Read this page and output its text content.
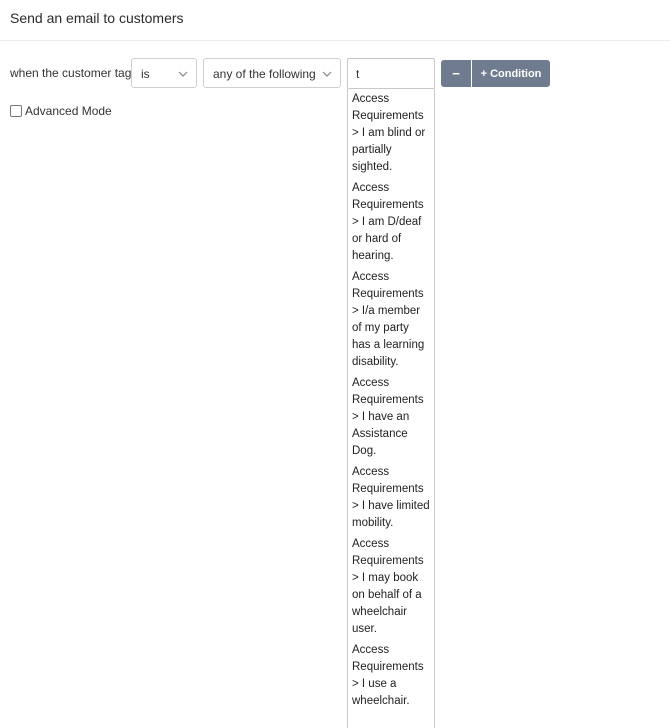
Send an email to customers
when the customer tag is	any of the following
t	−	+ Condition
Advanced Mode
Access Requirements > I am blind or partially sighted.
Access Requirements > I am D/deaf or hard of hearing.
Access Requirements > I/a member of my party has a learning disability.
Access Requirements > I have an Assistance Dog.
Access Requirements > I have limited mobility.
Access Requirements > I may book on behalf of a wheelchair user.
Access Requirements > I use a wheelchair.
